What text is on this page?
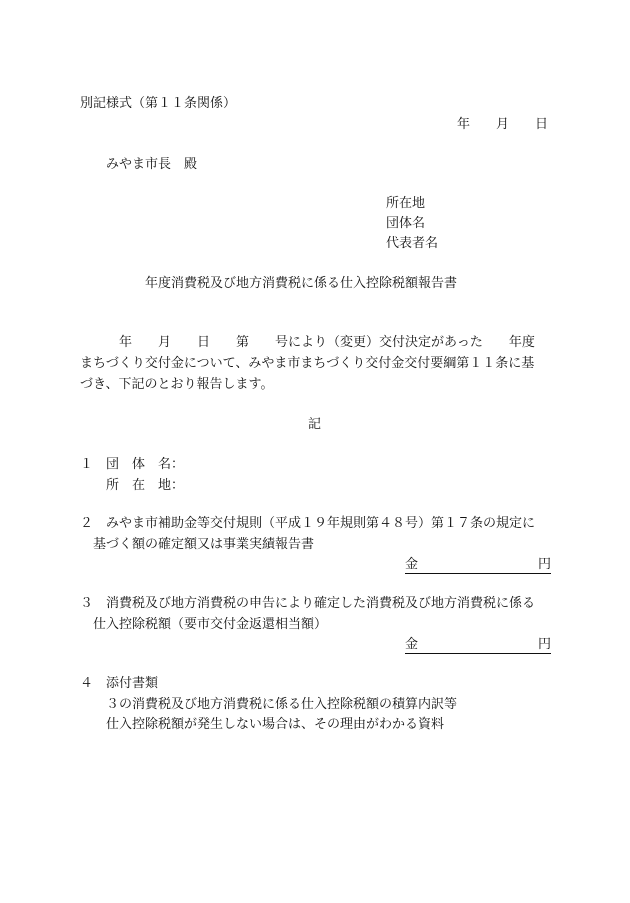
別記様式（第１１条関係）
年　　月　　日
みやま市長　殿
所在地
団体名
代表者名
年度消費税及び地方消費税に係る仕入控除税額報告書
年　　月　　日　　第　　号により（変更）交付決定があった　　年度
まちづくり交付金について、みやま市まちづくり交付金交付要綱第１１条に基
づき、下記のとおり報告します。
記
１ 団　体　名：
所　在　地：
２ みやま市補助金等交付規則（平成１９年規則第４８号）第１７条の規定に
基づく額の確定額又は事業実績報告書
金	円
３ 消費税及び地方消費税の申告により確定した消費税及び地方消費税に係る
仕入控除税額（要市交付金返還相当額）
金	円
４ 添付書類
３の消費税及び地方消費税に係る仕入控除税額の積算内訳等
仕入控除税額が発生しない場合は、その理由がわかる資料
